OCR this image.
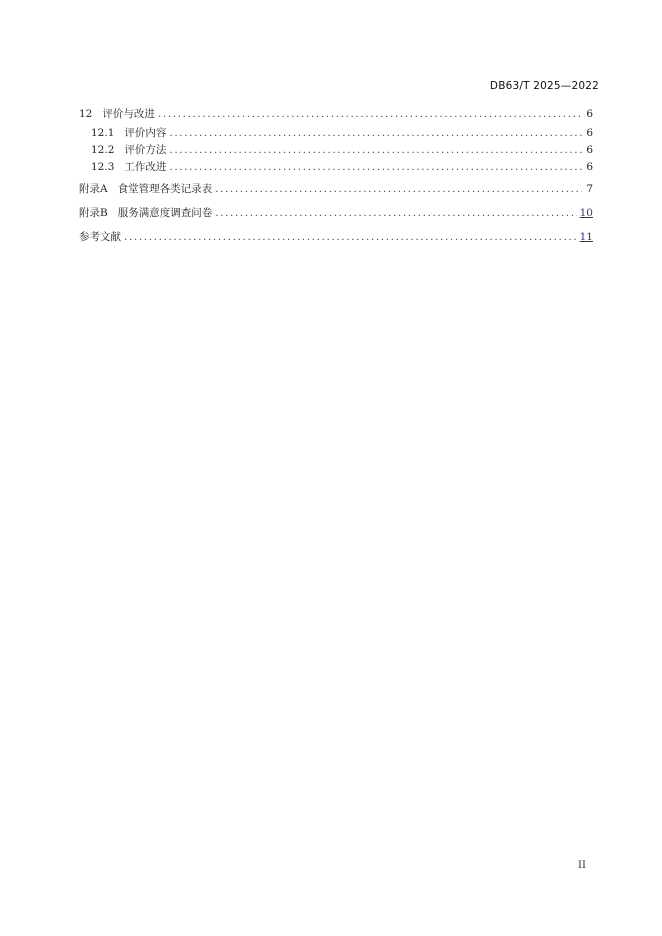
DB63/T 2025—2022
12 评价与改进 .....	6
12.1 评价内容 .....	6
12.2 评价方法 .....	6
12.3 工作改进 .....	6
附录A 食堂管理各类记录表 .....	7
附录B 服务满意度调查问卷 .....	10
参考文献 .....	11
II
